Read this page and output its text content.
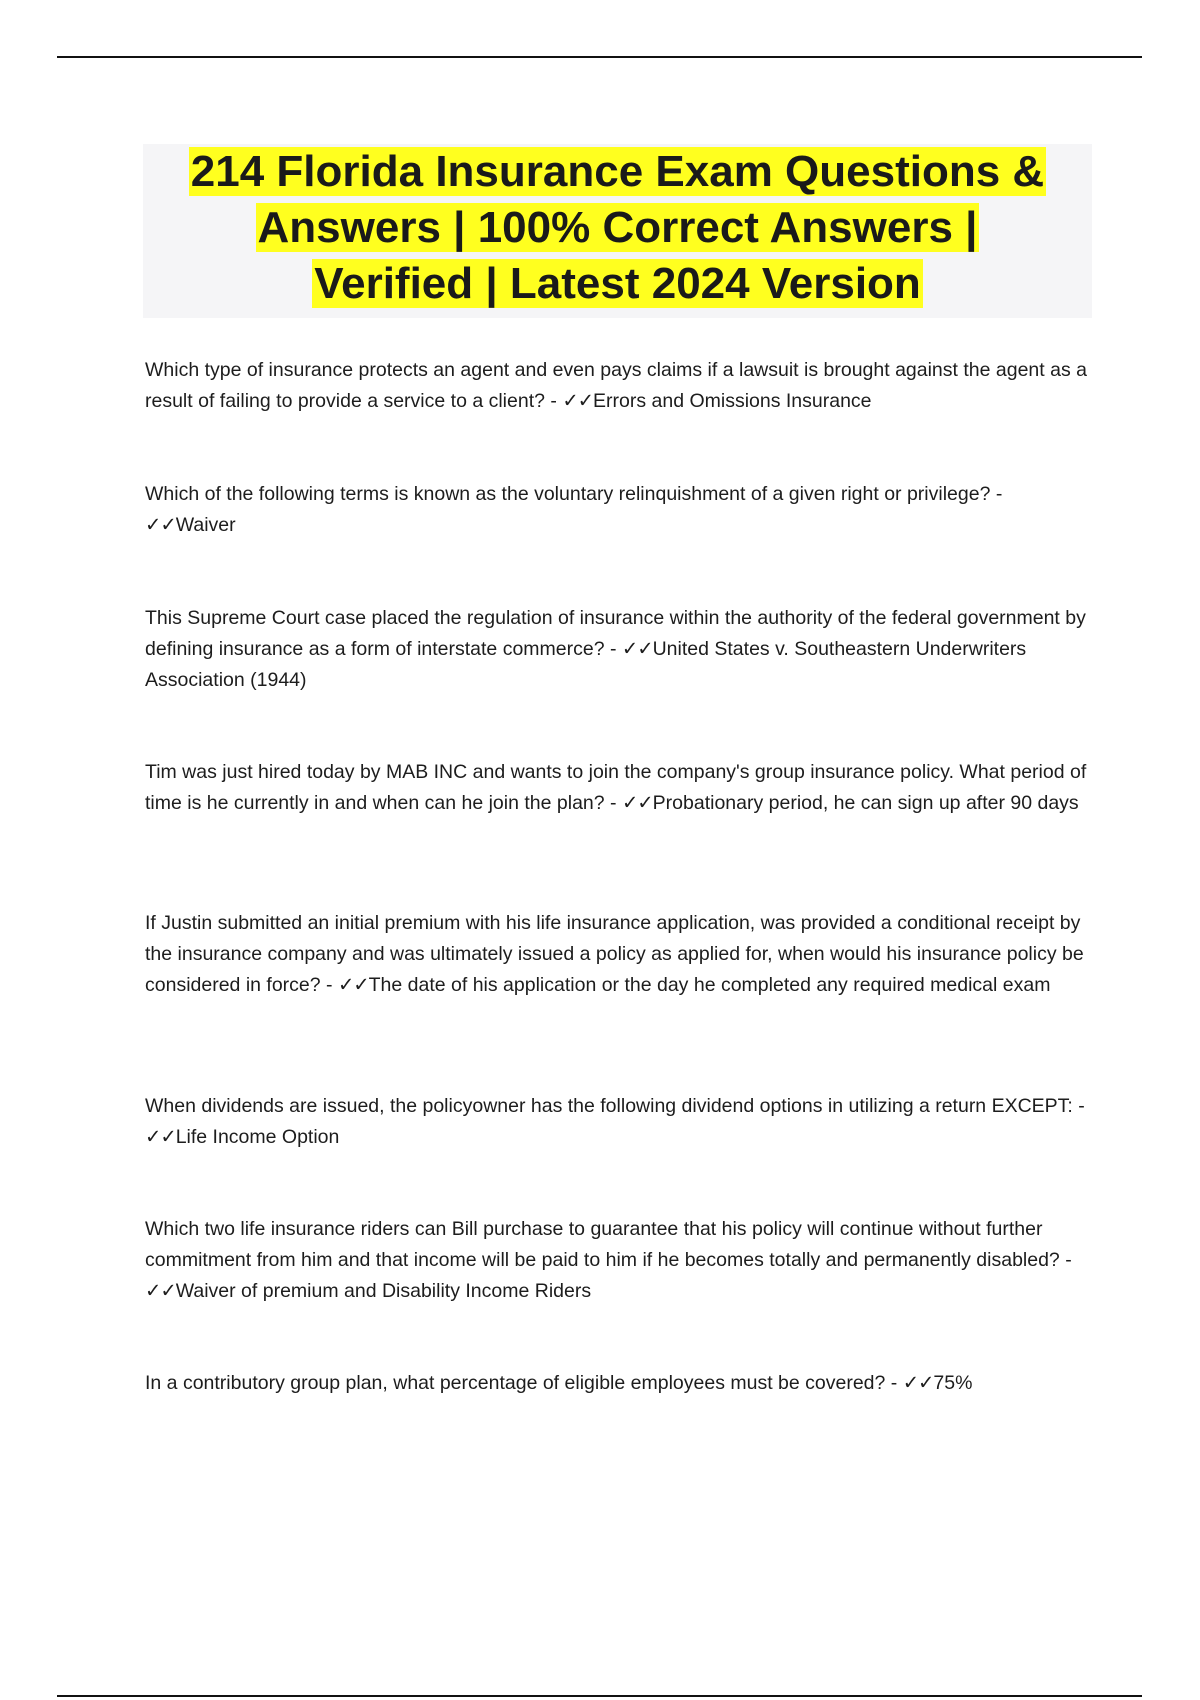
214 Florida Insurance Exam Questions &
Answers | 100% Correct Answers |
Verified | Latest 2024 Version
Which type of insurance protects an agent and even pays claims if a lawsuit is brought against the agent as a result of failing to provide a service to a client? - ✓✓Errors and Omissions Insurance
Which of the following terms is known as the voluntary relinquishment of a given right or privilege? - ✓✓Waiver
This Supreme Court case placed the regulation of insurance within the authority of the federal government by defining insurance as a form of interstate commerce? - ✓✓United States v. Southeastern Underwriters Association (1944)
Tim was just hired today by MAB INC and wants to join the company's group insurance policy. What period of time is he currently in and when can he join the plan? - ✓✓Probationary period, he can sign up after 90 days
If Justin submitted an initial premium with his life insurance application, was provided a conditional receipt by the insurance company and was ultimately issued a policy as applied for, when would his insurance policy be considered in force? - ✓✓The date of his application or the day he completed any required medical exam
When dividends are issued, the policyowner has the following dividend options in utilizing a return EXCEPT: - ✓✓Life Income Option
Which two life insurance riders can Bill purchase to guarantee that his policy will continue without further commitment from him and that income will be paid to him if he becomes totally and permanently disabled? - ✓✓Waiver of premium and Disability Income Riders
In a contributory group plan, what percentage of eligible employees must be covered? - ✓✓75%
